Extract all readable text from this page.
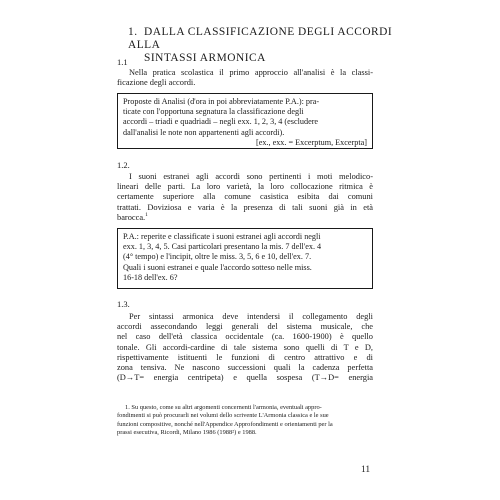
1. DALLA CLASSIFICAZIONE DEGLI ACCORDI ALLA
SINTASSI ARMONICA
1.1
Nella pratica scolastica il primo approccio all'analisi è la classi-
ficazione degli accordi.
Proposte di Analisi (d'ora in poi abbreviatamente P.A.): pra-
ticate con l'opportuna segnatura la classificazione degli
accordi – triadi e quadriadi – negli exx. 1, 2, 3, 4 (escludere
dall'analisi le note non appartenenti agli accordi).
[ex., exx. = Excerptum, Excerpta]
1.2.
I suoni estranei agli accordi sono pertinenti i moti melodico-
lineari delle parti. La loro varietà, la loro collocazione ritmica è
certamente superiore alla comune casistica esibita dai comuni
trattati. Doviziosa e varia è la presenza di tali suoni già in età
barocca.$^1$
P.A.: reperite e classificate i suoni estranei agli accordi negli
exx. 1, 3, 4, 5. Casi particolari presentano la mis. 7 dell'ex. 4
(4° tempo) e l'incipit, oltre le miss. 3, 5, 6 e 10, dell'ex. 7.
Quali i suoni estranei e quale l'accordo sotteso nelle miss.
16-18 dell'ex. 6?
1.3.
Per sintassi armonica deve intendersi il collegamento degli
accordi assecondando leggi generali del sistema musicale, che
nel caso dell'età classica occidentale (ca. 1600-1900) è quello
tonale. Gli accordi-cardine di tale sistema sono quelli di T e D,
rispettivamente istituenti le funzioni di centro attrattivo e di
zona tensiva. Ne nascono successioni quali la cadenza perfetta
(D→T= energia centripeta) e quella sospesa (T→D= energia
1. Su questo, come su altri argomenti concernenti l'armonia, eventuali appro-
fondimenti si può procurarli nei volumi dello scrivente L'Armonia classica e le sue
funzioni compositive, nonché nell'Appendice Approfondimenti e orientamenti per la
prassi esecutiva, Ricordi, Milano 1986 (1988²) e 1988.
11
